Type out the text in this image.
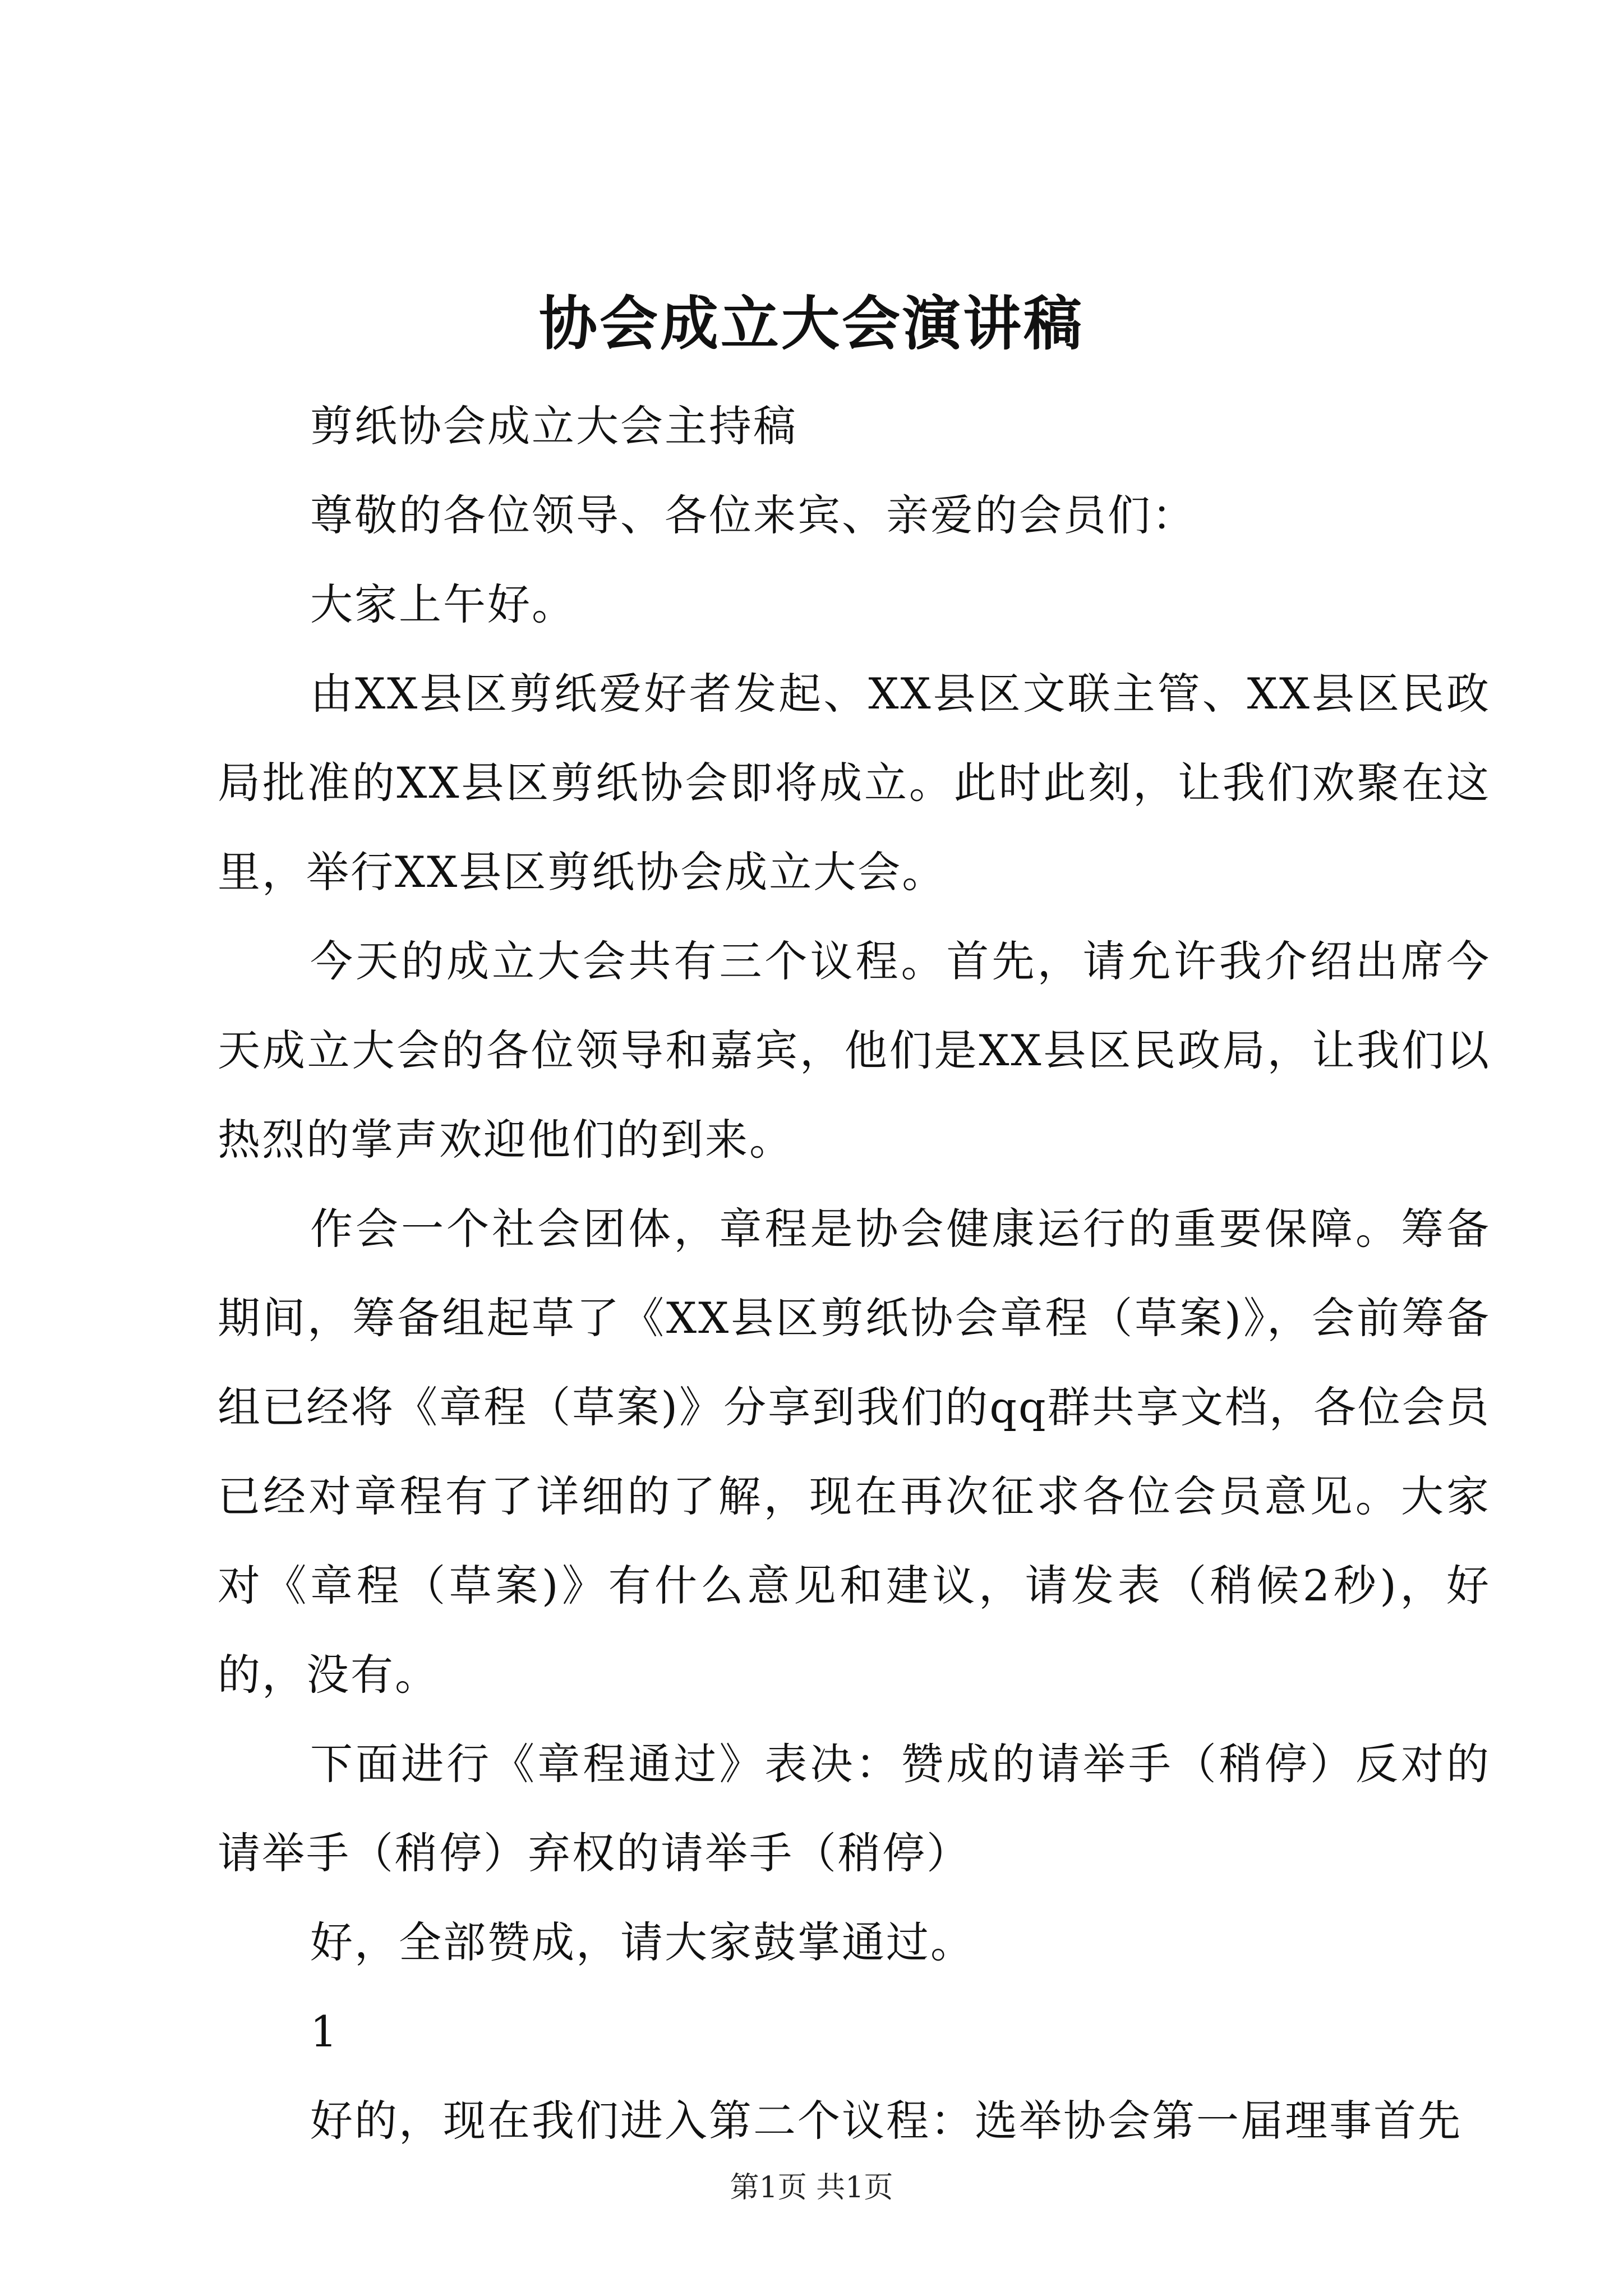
协会成立大会演讲稿

剪纸协会成立大会主持稿

尊敬的各位领导、各位来宾、亲爱的会员们：

大家上午好。

由XX县区剪纸爱好者发起、XX县区文联主管、XX县区民政局批准的XX县区剪纸协会即将成立。此时此刻，让我们欢聚在这里，举行XX县区剪纸协会成立大会。

今天的成立大会共有三个议程。首先，请允许我介绍出席今天成立大会的各位领导和嘉宾，他们是XX县区民政局，让我们以热烈的掌声欢迎他们的到来。

作会一个社会团体，章程是协会健康运行的重要保障。筹备期间，筹备组起草了《XX县区剪纸协会章程（草案)》，会前筹备组已经将《章程（草案)》分享到我们的qq群共享文档，各位会员已经对章程有了详细的了解，现在再次征求各位会员意见。大家对《章程（草案)》有什么意见和建议，请发表（稍候2秒)，好的，没有。

下面进行《章程通过》表决：赞成的请举手（稍停）反对的请举手（稍停）弃权的请举手（稍停）

好，全部赞成，请大家鼓掌通过。

1

好的，现在我们进入第二个议程：选举协会第一届理事首先

第1页 共1页
